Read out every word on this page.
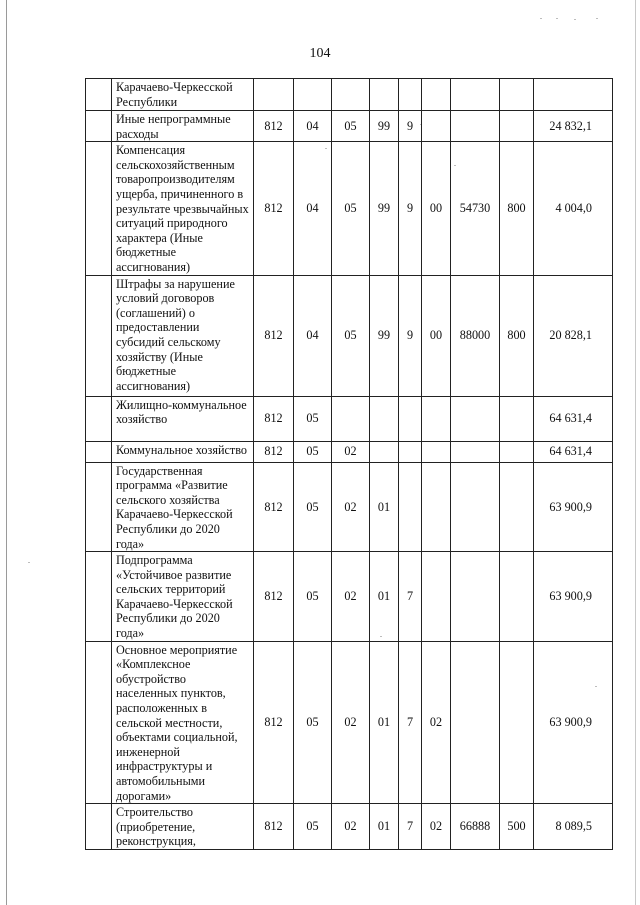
104
	Карачаево-Черкесской Республики									
	Иные непрограммные расходы	812	04	05	99	9				24 832,1
	Компенсация сельскохозяйственным товаропроизводителям ущерба, причиненного в результате чрезвычайных ситуаций природного характера (Иные бюджетные ассигнования)	812	04	05	99	9	00	54730	800	4 004,0
	Штрафы за нарушение условий договоров (соглашений) о предоставлении субсидий сельскому хозяйству (Иные бюджетные ассигнования)	812	04	05	99	9	00	88000	800	20 828,1
	Жилищно-коммунальное хозяйство	812	05							64 631,4
	Коммунальное хозяйство	812	05	02						64 631,4
	Государственная программа «Развитие сельского хозяйства Карачаево-Черкесской Республики до 2020 года»	812	05	02	01					63 900,9
	Подпрограмма «Устойчивое развитие сельских территорий Карачаево-Черкесской Республики до 2020 года»	812	05	02	01	7				63 900,9
	Основное мероприятие «Комплексное обустройство населенных пунктов, расположенных в сельской местности, объектами социальной, инженерной инфраструктуры и автомобильными дорогами»	812	05	02	01	7	02			63 900,9
	Строительство (приобретение, реконструкция,	812	05	02	01	7	02	66888	500	8 089,5
